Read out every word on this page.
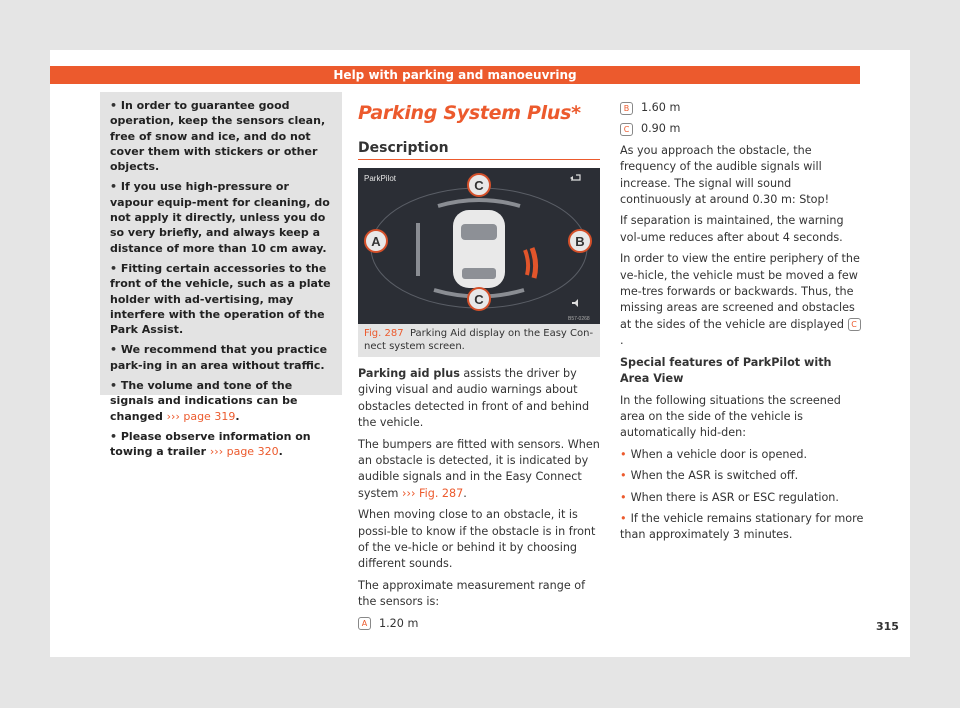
Help with parking and manoeuvring

• In order to guarantee good operation, keep the sensors clean, free of snow and ice, and do not cover them with stickers or other objects.

• If you use high-pressure or vapour equip-ment for cleaning, do not apply it directly, unless you do so very briefly, and always keep a distance of more than 10 cm away.

• Fitting certain accessories to the front of the vehicle, such as a plate holder with ad-vertising, may interfere with the operation of the Park Assist.

• We recommend that you practice park-ing in an area without traffic.

• The volume and tone of the signals and indications can be changed ››› page 319.

• Please observe information on towing a trailer ››› page 320.

Parking System Plus*
Description
ParkPilot	C
A	B
C
B57-0268
Fig. 287 Parking Aid display on the Easy Con-nect system screen.

Parking aid plus assists the driver by giving visual and audio warnings about obstacles detected in front of and behind the vehicle.

The bumpers are fitted with sensors. When an obstacle is detected, it is indicated by audible signals and in the Easy Connect system ››› Fig. 287.

When moving close to an obstacle, it is possi-ble to know if the obstacle is in front of the ve-hicle or behind it by choosing different sounds.

The approximate measurement range of the sensors is:

A 1.20 m

B 1.60 m

C 0.90 m

As you approach the obstacle, the frequency of the audible signals will increase. The signal will sound continuously at around 0.30 m: Stop!

If separation is maintained, the warning vol-ume reduces after about 4 seconds.

In order to view the entire periphery of the ve-hicle, the vehicle must be moved a few me-tres forwards or backwards. Thus, the missing areas are screened and obstacles at the sides of the vehicle are displayed C.

Special features of ParkPilot with Area View

In the following situations the screened area on the side of the vehicle is automatically hid-den:

• When a vehicle door is opened.

• When the ASR is switched off.

• When there is ASR or ESC regulation.

• If the vehicle remains stationary for more than approximately 3 minutes.

315
